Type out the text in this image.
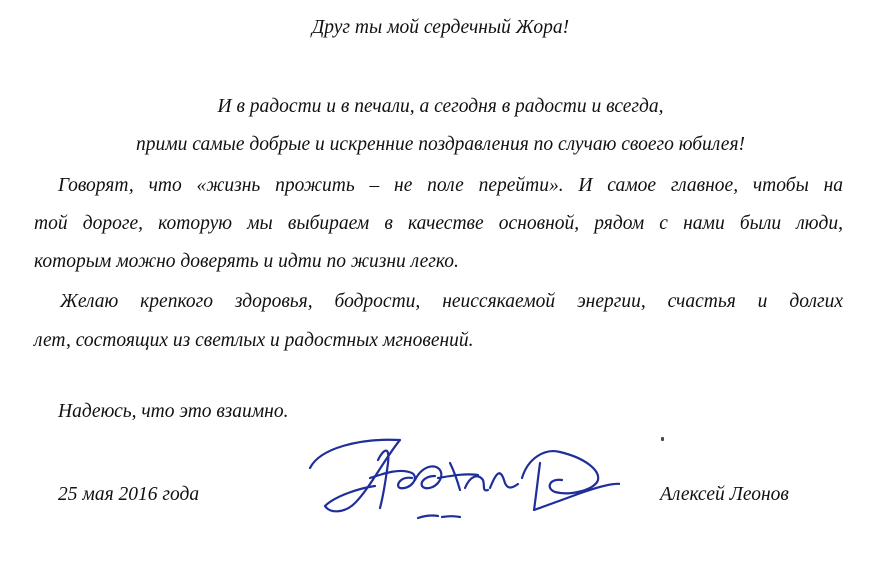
Друг ты мой сердечный Жора!
И в радости и в печали, а сегодня в радости и всегда,
прими самые добрые и искренние поздравления по случаю своего юбилея!
Говорят, что «жизнь прожить – не поле перейти». И самое главное, чтобы на
той дороге, которую мы выбираем в качестве основной, рядом с нами были люди,
которым можно доверять и идти по жизни легко.
Желаю крепкого здоровья, бодрости, неиссякаемой энергии, счастья и долгих
лет, состоящих из светлых и радостных мгновений.
Надеюсь, что это взаимно.
25 мая 2016 года	Алексей Леонов
